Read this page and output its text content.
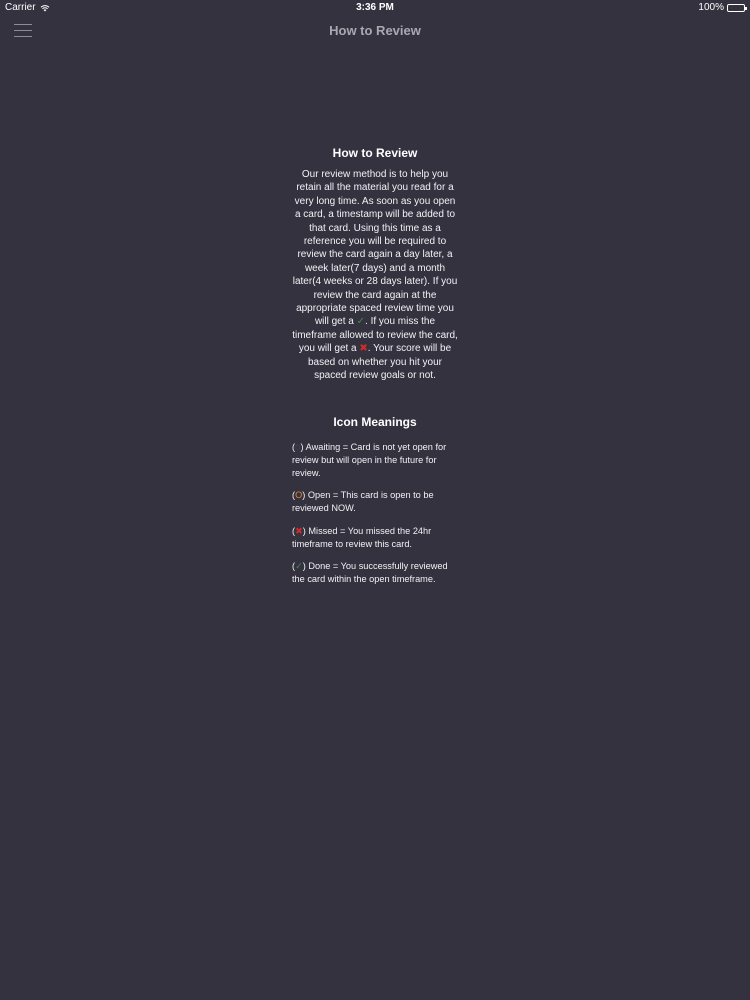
Carrier	3:36 PM	100%
How to Review
How to Review

Our review method is to help you retain all the material you read for a very long time. As soon as you open a card, a timestamp will be added to that card. Using this time as a reference you will be required to review the card again a day later, a week later(7 days) and a month later(4 weeks or 28 days later). If you review the card again at the appropriate spaced review time you will get a ✓. If you miss the timeframe allowed to review the card, you will get a ✖. Your score will be based on whether you hit your spaced review goals or not.

Icon Meanings

(◌) Awaiting = Card is not yet open for review but will open in the future for review.

(O) Open = This card is open to be reviewed NOW.

(✖) Missed = You missed the 24hr timeframe to review this card.

(✓) Done = You successfully reviewed the card within the open timeframe.
